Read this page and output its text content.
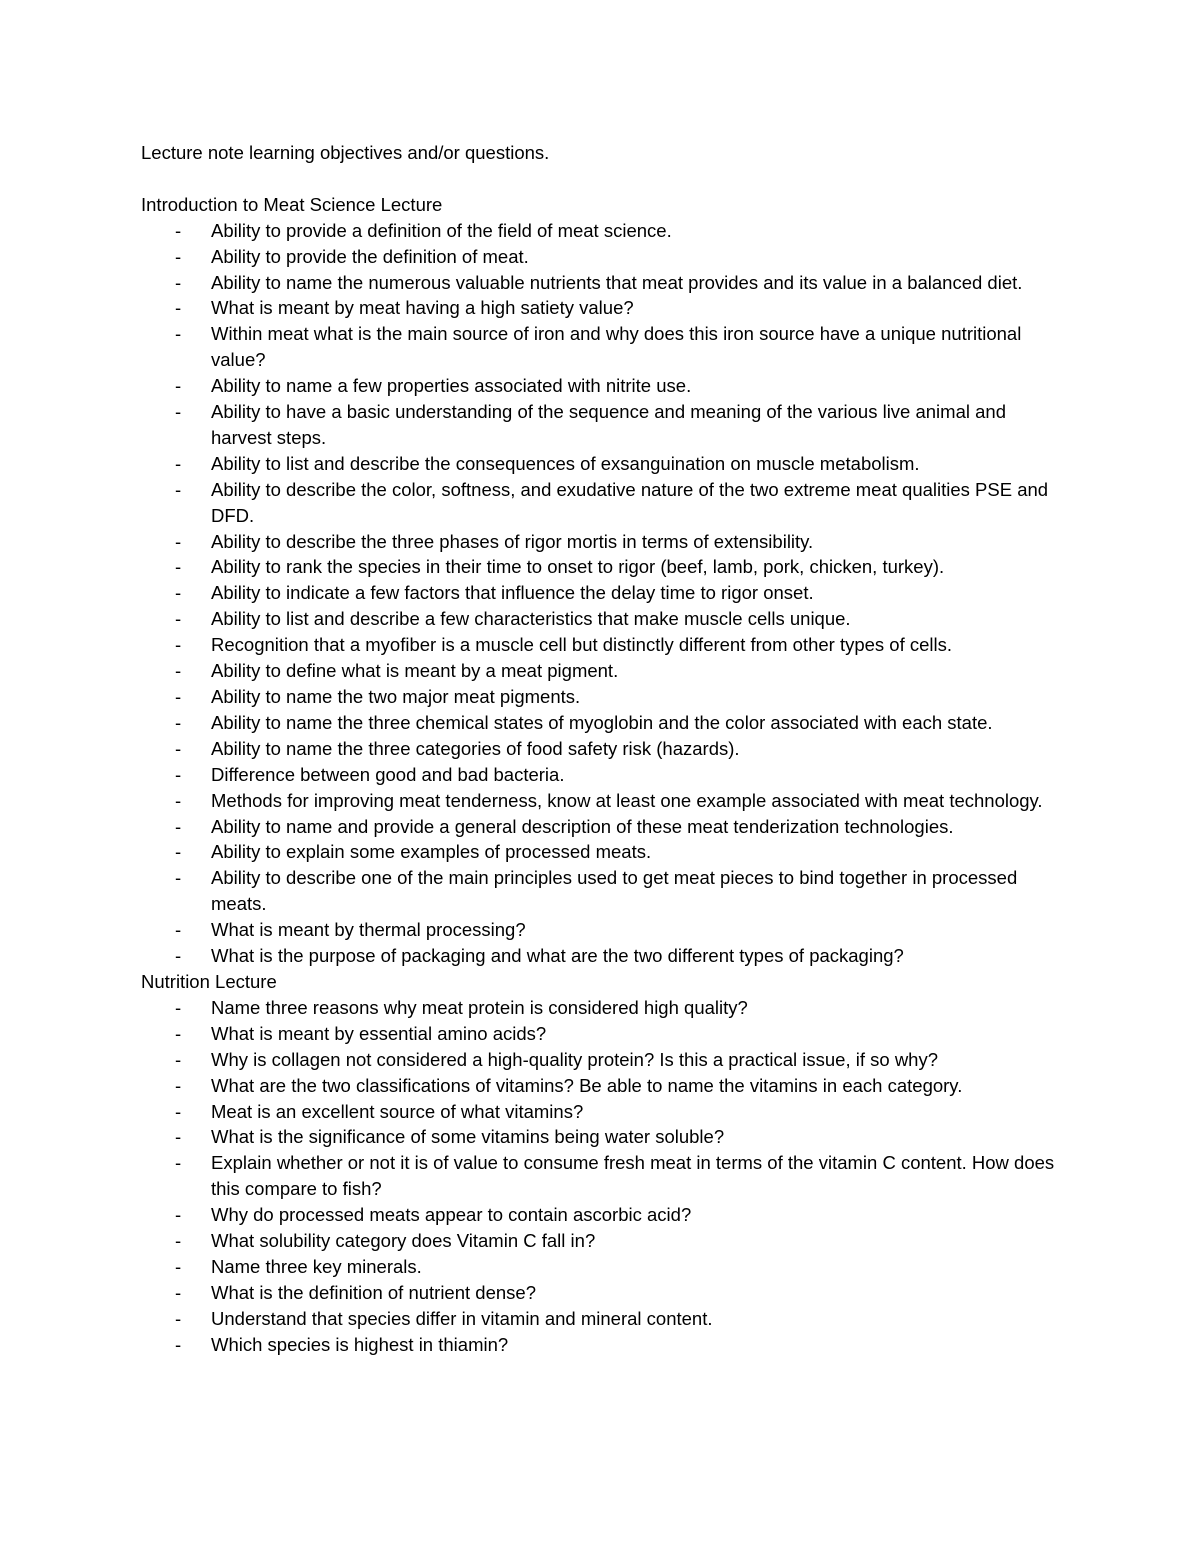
Lecture note learning objectives and/or questions.

Introduction to Meat Science Lecture

- Ability to provide a definition of the field of meat science.
- Ability to provide the definition of meat.
- Ability to name the numerous valuable nutrients that meat provides and its value in a balanced diet.
- What is meant by meat having a high satiety value?
- Within meat what is the main source of iron and why does this iron source have a unique nutritional value?
- Ability to name a few properties associated with nitrite use.
- Ability to have a basic understanding of the sequence and meaning of the various live animal and harvest steps.
- Ability to list and describe the consequences of exsanguination on muscle metabolism.
- Ability to describe the color, softness, and exudative nature of the two extreme meat qualities PSE and DFD.
- Ability to describe the three phases of rigor mortis in terms of extensibility.
- Ability to rank the species in their time to onset to rigor (beef, lamb, pork, chicken, turkey).
- Ability to indicate a few factors that influence the delay time to rigor onset.
- Ability to list and describe a few characteristics that make muscle cells unique.
- Recognition that a myofiber is a muscle cell but distinctly different from other types of cells.
- Ability to define what is meant by a meat pigment.
- Ability to name the two major meat pigments.
- Ability to name the three chemical states of myoglobin and the color associated with each state.
- Ability to name the three categories of food safety risk (hazards).
- Difference between good and bad bacteria.
- Methods for improving meat tenderness, know at least one example associated with meat technology.
- Ability to name and provide a general description of these meat tenderization technologies.
- Ability to explain some examples of processed meats.
- Ability to describe one of the main principles used to get meat pieces to bind together in processed meats.
- What is meant by thermal processing?
- What is the purpose of packaging and what are the two different types of packaging?

Nutrition Lecture

- Name three reasons why meat protein is considered high quality?
- What is meant by essential amino acids?
- Why is collagen not considered a high-quality protein? Is this a practical issue, if so why?
- What are the two classifications of vitamins? Be able to name the vitamins in each category.
- Meat is an excellent source of what vitamins?
- What is the significance of some vitamins being water soluble?
- Explain whether or not it is of value to consume fresh meat in terms of the vitamin C content. How does this compare to fish?
- Why do processed meats appear to contain ascorbic acid?
- What solubility category does Vitamin C fall in?
- Name three key minerals.
- What is the definition of nutrient dense?
- Understand that species differ in vitamin and mineral content.
- Which species is highest in thiamin?
